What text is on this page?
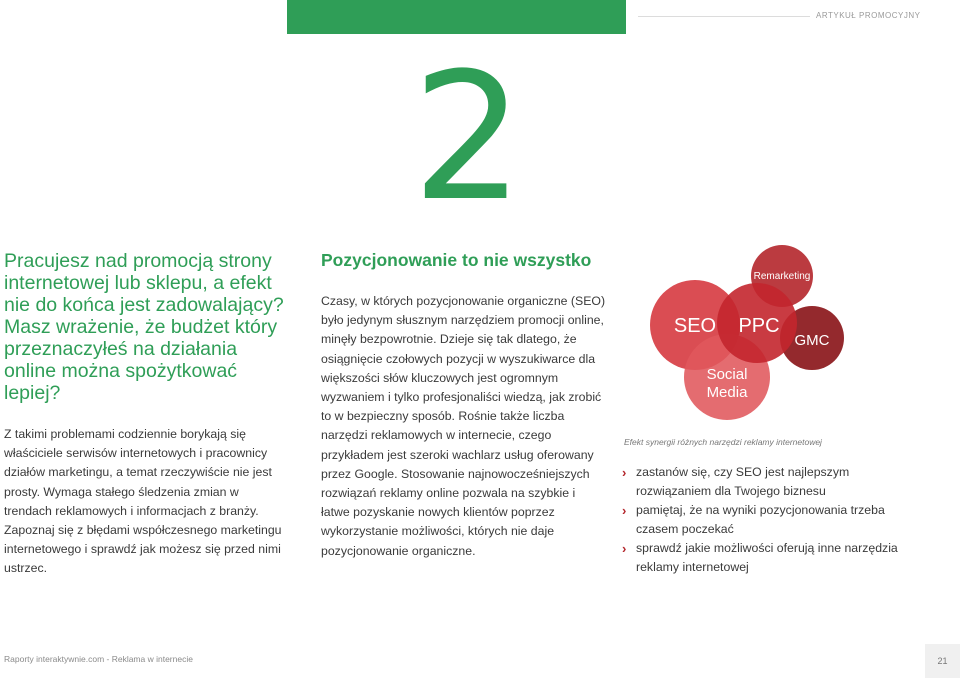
ARTYKUŁ PROMOCYJNY
2

Pracujesz nad promocją strony internetowej lub sklepu, a efekt nie do końca jest zadowalający? Masz wrażenie, że budżet który przeznaczyłeś na działania online można spożytkować lepiej?

Z takimi problemami codziennie borykają się właściciele serwisów internetowych i pracownicy działów marketingu, a temat rzeczywiście nie jest prosty. Wymaga stałego śledzenia zmian w trendach reklamowych i informacjach z branży. Zapoznaj się z błędami współczesnego marketingu internetowego i sprawdź jak możesz się przed nimi ustrzec.

Pozycjonowanie to nie wszystko

Czasy, w których pozycjonowanie organiczne (SEO) było jedynym słusznym narzędziem promocji online, minęły bezpowrotnie. Dzieje się tak dlatego, że osiągnięcie czołowych pozycji w wyszukiwarce dla większości słów kluczowych jest ogromnym wyzwaniem i tylko profesjonaliści wiedzą, jak zrobić to w bezpieczny sposób. Rośnie także liczba narzędzi reklamowych w internecie, czego przykładem jest szeroki wachlarz usług oferowany przez Google. Stosowanie najnowocześniejszych rozwiązań reklamy online pozwala na szybkie i łatwe pozyskanie nowych klientów poprzez wykorzystanie możliwości, których nie daje pozycjonowanie organiczne.

Remarketing
SEO PPC
GMC
Social
Media

Efekt synergii różnych narzędzi reklamy internetowej

› zastanów się, czy SEO jest najlepszym rozwiązaniem dla Twojego biznesu
› pamiętaj, że na wyniki pozycjonowania trzeba czasem poczekać
› sprawdź jakie możliwości oferują inne narzędzia reklamy internetowej
Raporty interaktywnie.com - Reklama w internecie	21
